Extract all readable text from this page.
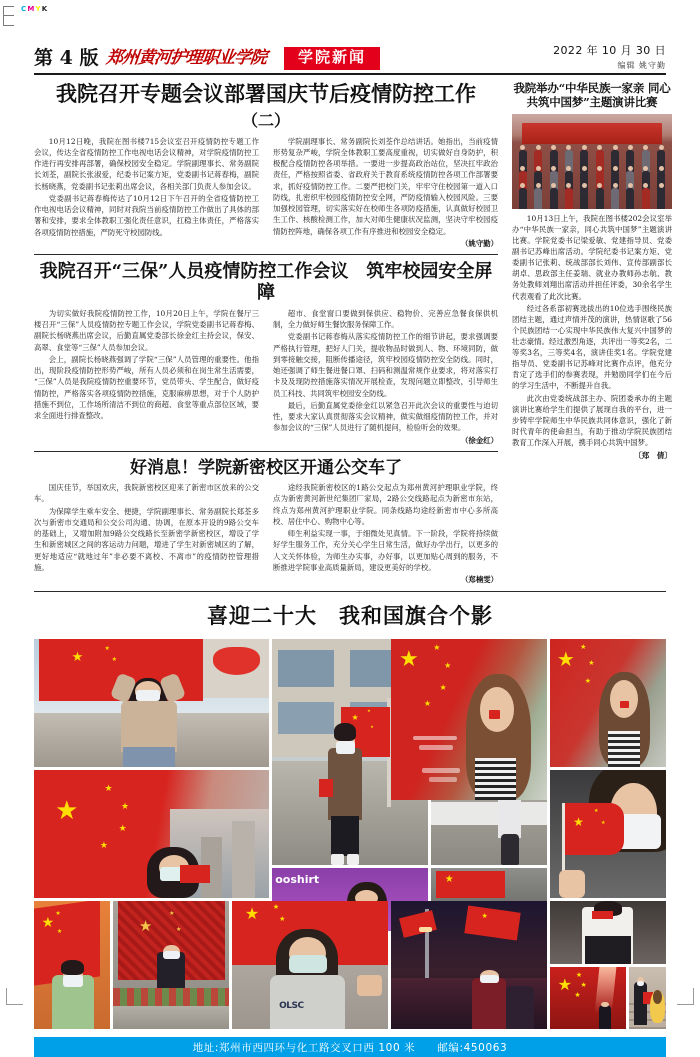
CMYK
第 4 版 郑州黄河护理职业学院	学院新闻	2022 年 10 月 30 日
编辑 姚守勤
我院召开专题会议部署国庆节后疫情防控工作（二）

10月12日晚，我院在图书楼715会议室召开疫情防控专题工作会议，传达全省疫情防控工作电视电话会议精神，对学院疫情防控工作进行再安排再部署，确保校园安全稳定。学院副理事长、常务副院长刘荃，副院长张淑爱，纪委书记案方矩，党委副书记蒋春梅，副院长杨晓燕，党委副书记张莉出席会议，各相关部门负责人参加会议。

党委副书记蒋春梅传达了10月12日下午召开的全省疫情防控工作电视电话会议精神，同时对我院当前疫情防控工作做出了具体的部署和安排，要求全体教职工强化责任意识，扛稳主体责任，严格落实各项疫情防控措施，严防死守校园防线。

学院副理事长、常务副院长刘荃作总结讲话。她指出，当前疫情形势复杂严峻，学院全体教职工要高度重视，切实做好自身防护，积极配合疫情防控各项举措。一要进一步提高政治站位，坚决扛牢政治责任，严格按照省委、省政府关于教育系统疫情防控各项工作部署要求，抓好疫情防控工作。二要严把校门关，牢牢守住校园第一道入口防线，扎密织牢校园疫情防控安全网，严防疫情输入校园风险。三要加强校园管理，切实落实好在校师生各项防疫措施，认真做好校园卫生工作、核酸检测工作，加大对师生健康状况监测，坚决守牢校园疫情防控阵地，确保各项工作有序推进和校园安全稳定。

（姚守勤）
我院召开“三保”人员疫情防控工作会议　筑牢校园安全屏障

为切实做好我院疫情防控工作，10月20日上午，学院在餐厅三楼召开“三保”人员疫情防控专题工作会议，学院党委副书记蒋春梅、副院长杨晓燕出席会议，后勤直属党委部长徐金红主持会议，保安、高翠、食堂等“三保”人员参加会议。

会上，副院长杨晓燕强调了学院“三保”人员管理的重要性。他指出，现阶段疫情防控形势严峻，所有人员必须和在岗生常生活需要，“三保”人员是我院疫情防控重要环节，党员带头、学生配合，做好疫情防控，严格落实各项疫情防控措施，克服麻痹思想，对于个人防护措施不到位，工作场所清洁不到位的商超、食堂等重点部位区域，要求全面进行排查整改。

超市、食堂窗口要做到保供应、稳物价、完善应急餐食保供机制，全力做好师生餐饮服务保障工作。

党委副书记蒋春梅从落实疫情防控工作的细节讲起，要求强调要严格执行管理，把好人门关，提收物品时做到人、物、环境同防，做到零接触交接，阻断传播途径，筑牢校园疫情防控安全防线。同时，她还强调了师生餐进餐口罩、扫码和测温常规作业要求，将对落实打卡及及现防控措施落实情况开展检查，发现问题立即整改，引导师生员工科技、共同筑牢校园安全防线。

最后，后勤直属党委徐金红以紧急召开此次会议的重要性与迫切性，要求大家认真贯彻落实会议精神，做实做细疫情防控工作，并对参加会议的“三保”人员进行了随机提问，检验听会的效果。

（徐金红）
好消息！学院新密校区开通公交车了

国庆佳节，举国欢庆，我院新密校区迎来了新密市区放来的公交车。

为保障学生乘车安全、便捷，学院副理事长、常务副院长郑荃多次与新密市交通局和公交公司沟通、协调，在原本开设的9路公交车的基础上，又增加附加9路公交线路长至新密学新密校区，增设了学生和新密城区之间的客运动力问题，增进了学生对新密城区的了解，更好地适应“就地过年”非必要不离校、不离市”的疫情防控管理措施。

途经我院新密校区的1路公交起点为郑州黄河护理职业学院，终点为新密黄河新世纪集团厂家局，2路公交线路起点为新密市东站，终点为郑州黄河护理职业学院。同条线路均途经新密市中心多所高校、居住中心、购物中心等。

师生利益实现一事，于细微处见真情。下一阶段，学院将持续做好学生服务工作，充分关心学生日常生活，做好办学出行，以更多的人文关怀体验，为师生办实事，办好事，以更加贴心周到的服务，不断推进学院事业高质量新局，建设更美好的学校。

（郑楠雯）
我院举办“中华民族一家亲 同心共筑中国梦”主题演讲比赛

10月13日上午，我院在图书楼202会议室举办“中华民族一家亲，同心共筑中国梦”主题演讲比赛。学院党委书记梁爱敏、党建指导员、党委副书记苏峰出席活动。学院纪委书记案方矩、党委副书记张莉、统战部部长刘伟、宣传部副部长胡卓、思政部主任姜瑞、就业办教师孙志航、教务处教师刘翔出席活动并担任评委，30余名学生代表观看了此次比赛。

经过各系部初赛选拔出的10位选手围绕民族团结主题，通过声情并茂的演讲，热情讴歌了56个民族团结一心实现中华民族伟大复兴中国梦的壮志豪情。经过激烈角逐，共评出一等奖2名，二等奖3名，三等奖4名，演讲佳奖1名。学院党建指导员、党委副书记苏峰对比赛作点评，他充分肯定了选手们的参赛表现，并勉励同学们在今后的学习生活中，不断提升自我。

此次由党委统战部主办、院团委承办的主题演讲比赛给学生们提供了展现自我的平台，进一步铸牢学院师生中华民族共同体意识，强化了新时代青年的使命担当，有助于推动学院民族团结教育工作深入开展，携手同心共筑中国梦。

〔郑　倩〕
喜迎二十大　我和国旗合个影
★
★
★
★
★
★
★
★
★
★
★
★
★
★
★
★
★
★
★ ★
★
★
★
ooshirt	★
★
★
★	★
★
★
★ ★
★
OLSC
★
★ ★
★
★
地址:郑州市西四环与化工路交叉口西 100 米 邮编:450063
